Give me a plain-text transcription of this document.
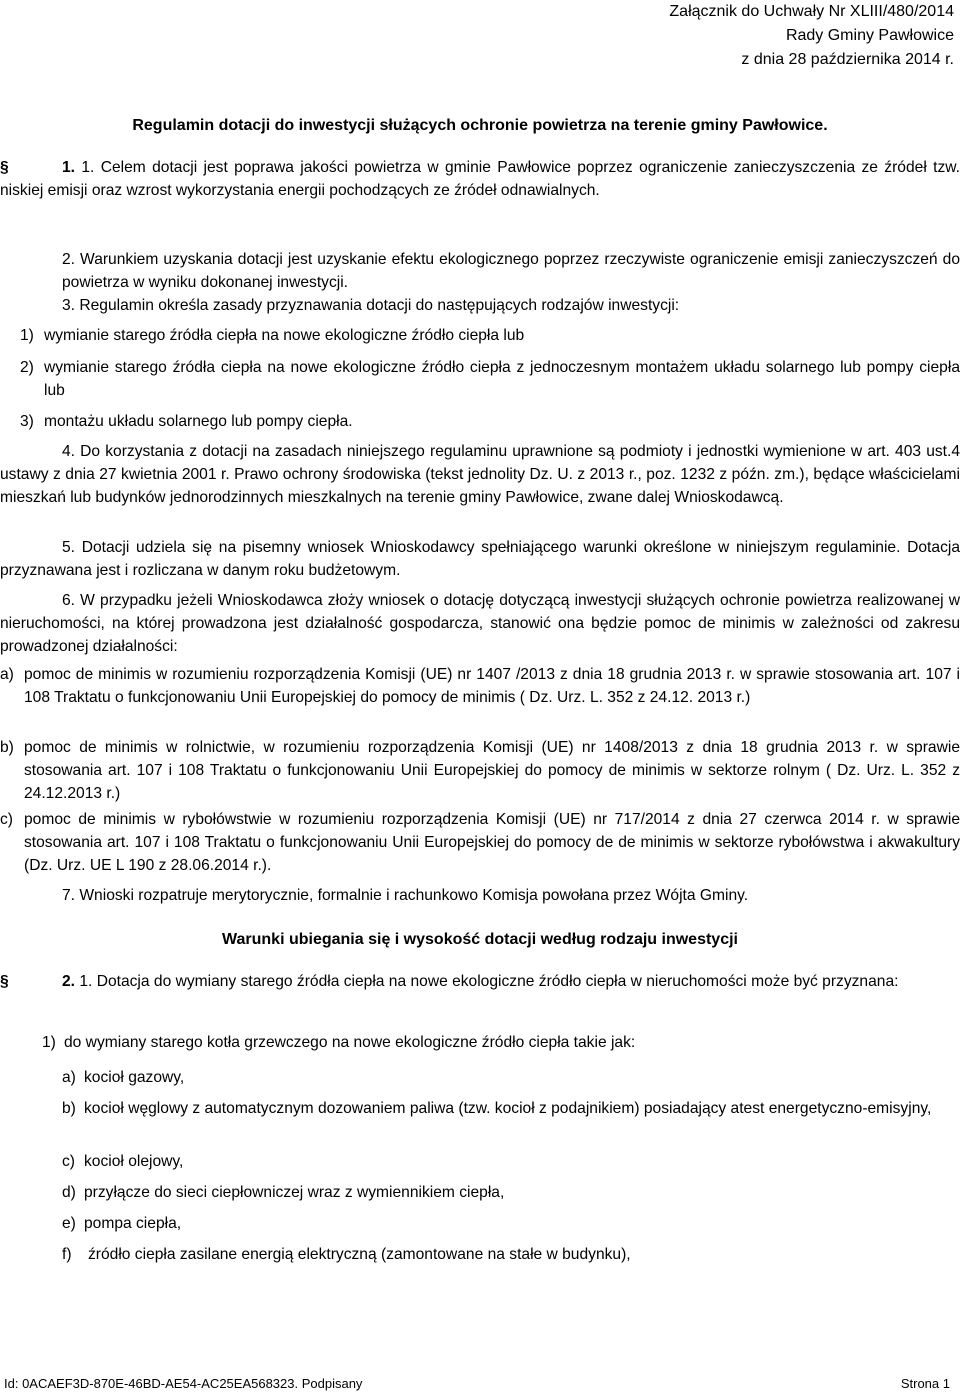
Załącznik do Uchwały Nr XLIII/480/2014
Rady Gminy Pawłowice
z dnia 28 października 2014 r.
Regulamin dotacji do inwestycji służących ochronie powietrza na terenie gminy Pawłowice.
§	1. 1. Celem dotacji jest poprawa jakości powietrza w gminie Pawłowice poprzez ograniczenie zanieczyszczenia ze źródeł tzw. niskiej emisji oraz wzrost wykorzystania energii pochodzących ze źródeł odnawialnych.
2. Warunkiem uzyskania dotacji jest uzyskanie efektu ekologicznego poprzez rzeczywiste ograniczenie emisji zanieczyszczeń do powietrza w wyniku dokonanej inwestycji.
3. Regulamin określa zasady przyznawania dotacji do następujących rodzajów inwestycji:
1) wymianie starego źródła ciepła na nowe ekologiczne źródło ciepła lub
2) wymianie starego źródła ciepła na nowe ekologiczne źródło ciepła z jednoczesnym montażem układu solarnego lub pompy ciepła lub
3) montażu układu solarnego lub pompy ciepła.
4. Do korzystania z dotacji na zasadach niniejszego regulaminu uprawnione są podmioty i jednostki wymienione w art. 403 ust.4 ustawy z dnia 27 kwietnia 2001 r. Prawo ochrony środowiska (tekst jednolity Dz. U. z 2013 r., poz. 1232 z późn. zm.), będące właścicielami mieszkań lub budynków jednorodzinnych mieszkalnych na terenie gminy Pawłowice, zwane dalej Wnioskodawcą.
5. Dotacji udziela się na pisemny wniosek Wnioskodawcy spełniającego warunki określone w niniejszym regulaminie. Dotacja przyznawana jest i rozliczana w danym roku budżetowym.
6. W przypadku jeżeli Wnioskodawca złoży wniosek o dotację dotyczącą inwestycji służących ochronie powietrza realizowanej w nieruchomości, na której prowadzona jest działalność gospodarcza, stanowić ona będzie pomoc de minimis w zależności od zakresu prowadzonej działalności:
a) pomoc de minimis w rozumieniu rozporządzenia Komisji (UE) nr 1407 /2013 z dnia 18 grudnia 2013 r. w sprawie stosowania art. 107 i 108 Traktatu o funkcjonowaniu Unii Europejskiej do pomocy de minimis ( Dz. Urz. L. 352 z 24.12. 2013 r.)
b) pomoc de minimis w rolnictwie, w rozumieniu rozporządzenia Komisji (UE) nr 1408/2013 z dnia 18 grudnia 2013 r. w sprawie stosowania art. 107 i 108 Traktatu o funkcjonowaniu Unii Europejskiej do pomocy de minimis w sektorze rolnym ( Dz. Urz. L. 352 z 24.12.2013 r.)
c) pomoc de minimis w rybołówstwie w rozumieniu rozporządzenia Komisji (UE) nr 717/2014 z dnia 27 czerwca 2014 r. w sprawie stosowania art. 107 i 108 Traktatu o funkcjonowaniu Unii Europejskiej do pomocy de de minimis w sektorze rybołówstwa i akwakultury (Dz. Urz. UE L 190 z 28.06.2014 r.).
7. Wnioski rozpatruje merytorycznie, formalnie i rachunkowo Komisja powołana przez Wójta Gminy.
Warunki ubiegania się i wysokość dotacji według rodzaju inwestycji
§	2. 1. Dotacja do wymiany starego źródła ciepła na nowe ekologiczne źródło ciepła w nieruchomości może być przyznana:
1) do wymiany starego kotła grzewczego na nowe ekologiczne źródło ciepła takie jak:
a) kocioł gazowy,
b) kocioł węglowy z automatycznym dozowaniem paliwa (tzw. kocioł z podajnikiem) posiadający atest energetyczno-emisyjny,
c) kocioł olejowy,
d) przyłącze do sieci ciepłowniczej wraz z wymiennikiem ciepła,
e) pompa ciepła,
f)	źródło ciepła zasilane energią elektryczną (zamontowane na stałe w budynku),
Id: 0ACAEF3D-870E-46BD-AE54-AC25EA568323. Podpisany	Strona 1
